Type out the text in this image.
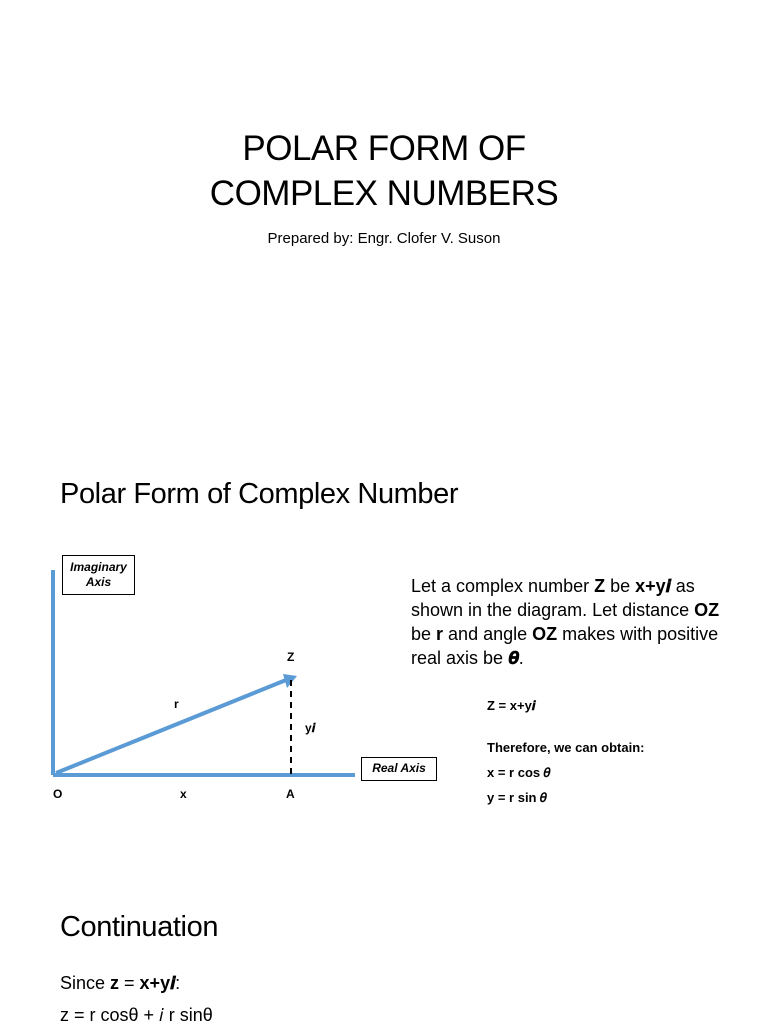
POLAR FORM OF
COMPLEX NUMBERS
Prepared by: Engr. Clofer V. Suson
Polar Form of Complex Number
Imaginary
Axis
Real Axis
O	x	A
Z
r
y𝒊
Let a complex number Z be x+y𝒊 as shown in the diagram. Let distance OZ be r and angle OZ makes with positive real axis be 𝜽.
Z = x+y𝒊
Therefore, we can obtain:
x = r cos 𝜃
y = r sin 𝜃
Continuation
Since z = x+y𝒊:
z = r cosθ + 𝑖 r sinθ
